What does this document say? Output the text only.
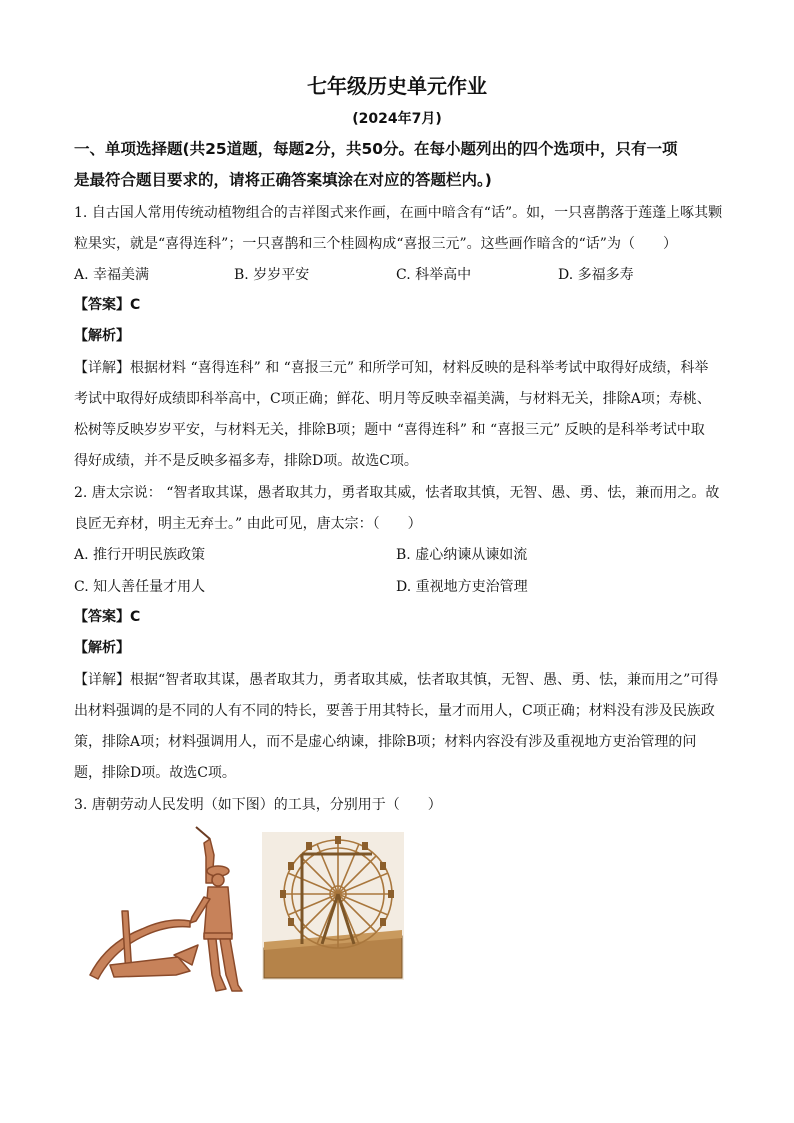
七年级历史单元作业
(2024年7月)
一、单项选择题(共25道题，每题2分，共50分。在每小题列出的四个选项中，只有一项
是最符合题目要求的，请将正确答案填涂在对应的答题栏内。)
1. 自古国人常用传统动植物组合的吉祥图式来作画，在画中暗含有“话”。如，一只喜鹊落于莲蓬上啄其颗
粒果实，就是“喜得连科”；一只喜鹊和三个桂圆构成“喜报三元”。这些画作暗含的“话”为（　　）
A. 幸福美满	B. 岁岁平安	C. 科举高中	D. 多福多寿
【答案】C
【解析】
【详解】根据材料 “喜得连科” 和 “喜报三元” 和所学可知，材料反映的是科举考试中取得好成绩，科举
考试中取得好成绩即科举高中，C项正确；鲜花、明月等反映幸福美满，与材料无关，排除A项；寿桃、
松树等反映岁岁平安，与材料无关，排除B项；题中 “喜得连科” 和 “喜报三元” 反映的是科举考试中取
得好成绩，并不是反映多福多寿，排除D项。故选C项。
2. 唐太宗说： “智者取其谋，愚者取其力，勇者取其威，怯者取其慎，无智、愚、勇、怯，兼而用之。故
良匠无弃材，明主无弃士。” 由此可见，唐太宗：（　　）
A. 推行开明民族政策	B. 虚心纳谏从谏如流
C. 知人善任量才用人	D. 重视地方吏治管理
【答案】C
【解析】
【详解】根据“智者取其谋，愚者取其力，勇者取其威，怯者取其慎，无智、愚、勇、怯，兼而用之”可得
出材料强调的是不同的人有不同的特长，要善于用其特长，量才而用人，C项正确；材料没有涉及民族政
策，排除A项；材料强调用人，而不是虚心纳谏，排除B项；材料内容没有涉及重视地方吏治管理的问
题，排除D项。故选C项。
3. 唐朝劳动人民发明（如下图）的工具，分别用于（　　）
